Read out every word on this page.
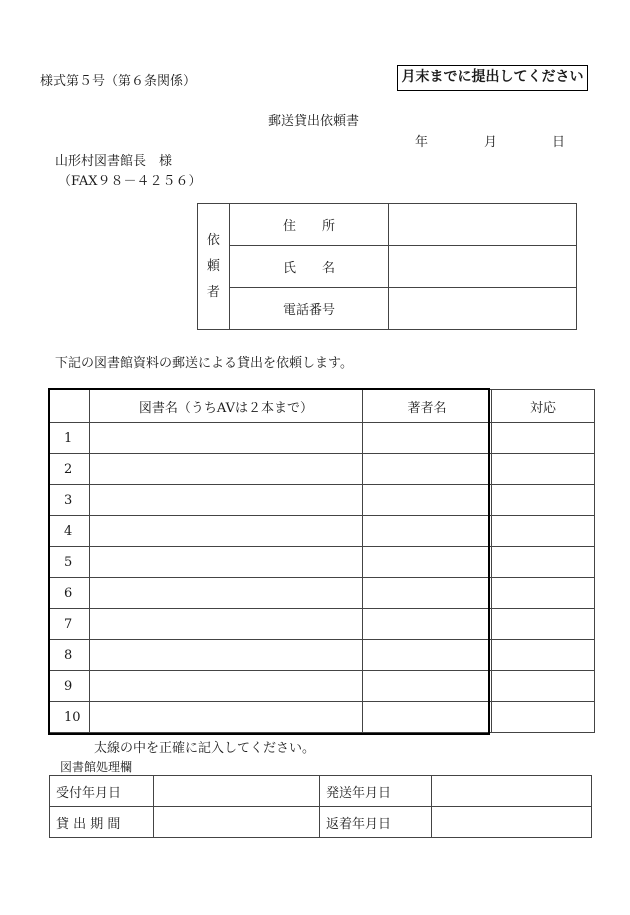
様式第５号（第６条関係）	月末までに提出してください
郵送貸出依頼書
年	月	日
山形村図書館長　様
（FAX９８－４２５６）
依
頼
者	住　　所	
	氏　　名	
	電話番号	
下記の図書館資料の郵送による貸出を依頼します。
	図書名（うちAVは２本まで）	著者名	対応
1			
2			
3			
4			
5			
6			
7			
8			
9			
10			
太線の中を正確に記入してください。
図書館処理欄
受付年月日		発送年月日	
貸 出 期 間		返着年月日	
